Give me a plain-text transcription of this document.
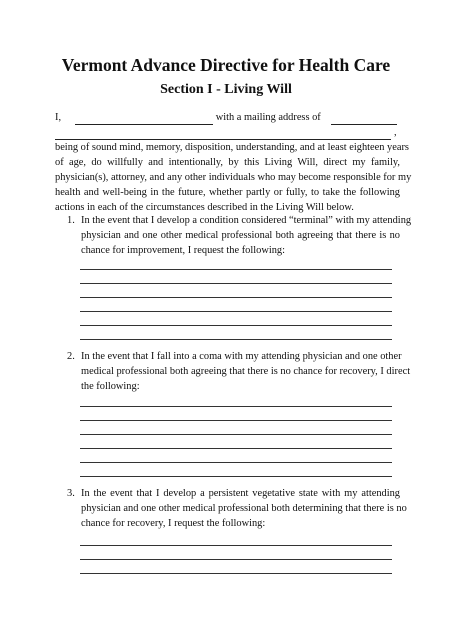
Vermont Advance Directive for Health Care
Section I - Living Will
I,	with a mailing address of
,
being of sound mind, memory, disposition, understanding, and at least eighteen years
of age, do willfully and intentionally, by this Living Will, direct my family,
physician(s), attorney, and any other individuals who may become responsible for my
health and well-being in the future, whether partly or fully, to take the following
actions in each of the circumstances described in the Living Will below.
1. In the event that I develop a condition considered “terminal” with my attending
physician and one other medical professional both agreeing that there is no
chance for improvement, I request the following:
2. In the event that I fall into a coma with my attending physician and one other
medical professional both agreeing that there is no chance for recovery, I direct
the following:
3. In the event that I develop a persistent vegetative state with my attending
physician and one other medical professional both determining that there is no
chance for recovery, I request the following:
